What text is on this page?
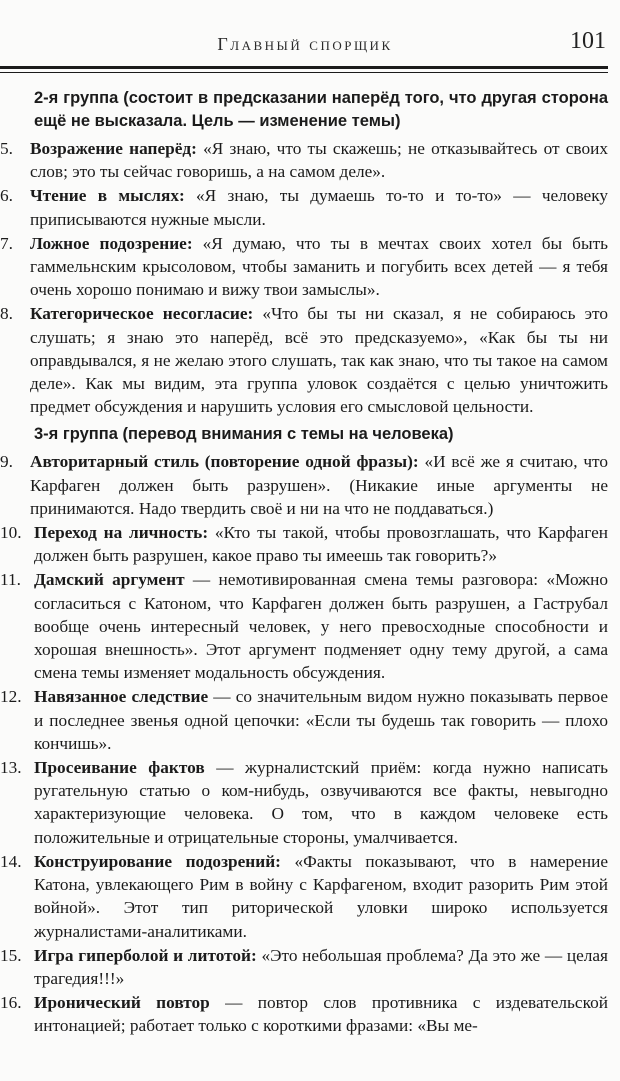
Главный спорщик	101
2-я группа (состоит в предсказании наперёд того, что другая сторона ещё не высказала. Цель — изменение темы)
5. Возражение наперёд: «Я знаю, что ты скажешь; не отказывайтесь от своих слов; это ты сейчас говоришь, а на самом деле».
6. Чтение в мыслях: «Я знаю, ты думаешь то-то и то-то» — человеку приписываются нужные мысли.
7. Ложное подозрение: «Я думаю, что ты в мечтах своих хотел бы быть гаммельнским крысоловом, чтобы заманить и погубить всех детей — я тебя очень хорошо понимаю и вижу твои замыслы».
8. Категорическое несогласие: «Что бы ты ни сказал, я не собираюсь это слушать; я знаю это наперёд, всё это предсказуемо», «Как бы ты ни оправдывался, я не желаю этого слушать, так как знаю, что ты такое на самом деле». Как мы видим, эта группа уловок создаётся с целью уничтожить предмет обсуждения и нарушить условия его смысловой цельности.
3-я группа (перевод внимания с темы на человека)
9. Авторитарный стиль (повторение одной фразы): «И всё же я считаю, что Карфаген должен быть разрушен». (Никакие иные аргументы не принимаются. Надо твердить своё и ни на что не поддаваться.)
10. Переход на личность: «Кто ты такой, чтобы провозглашать, что Карфаген должен быть разрушен, какое право ты имеешь так говорить?»
11. Дамский аргумент — немотивированная смена темы разговора: «Можно согласиться с Катоном, что Карфаген должен быть разрушен, а Гаструбал вообще очень интересный человек, у него превосходные способности и хорошая внешность». Этот аргумент подменяет одну тему другой, а сама смена темы изменяет модальность обсуждения.
12. Навязанное следствие — со значительным видом нужно показывать первое и последнее звенья одной цепочки: «Если ты будешь так говорить — плохо кончишь».
13. Просеивание фактов — журналистский приём: когда нужно написать ругательную статью о ком-нибудь, озвучиваются все факты, невыгодно характеризующие человека. О том, что в каждом человеке есть положительные и отрицательные стороны, умалчивается.
14. Конструирование подозрений: «Факты показывают, что в намерение Катона, увлекающего Рим в войну с Карфагеном, входит разорить Рим этой войной». Этот тип риторической уловки широко используется журналистами-аналитиками.
15. Игра гиперболой и литотой: «Это небольшая проблема? Да это же — целая трагедия!!!»
16. Иронический повтор — повтор слов противника с издевательской интонацией; работает только с короткими фразами: «Вы ме-
